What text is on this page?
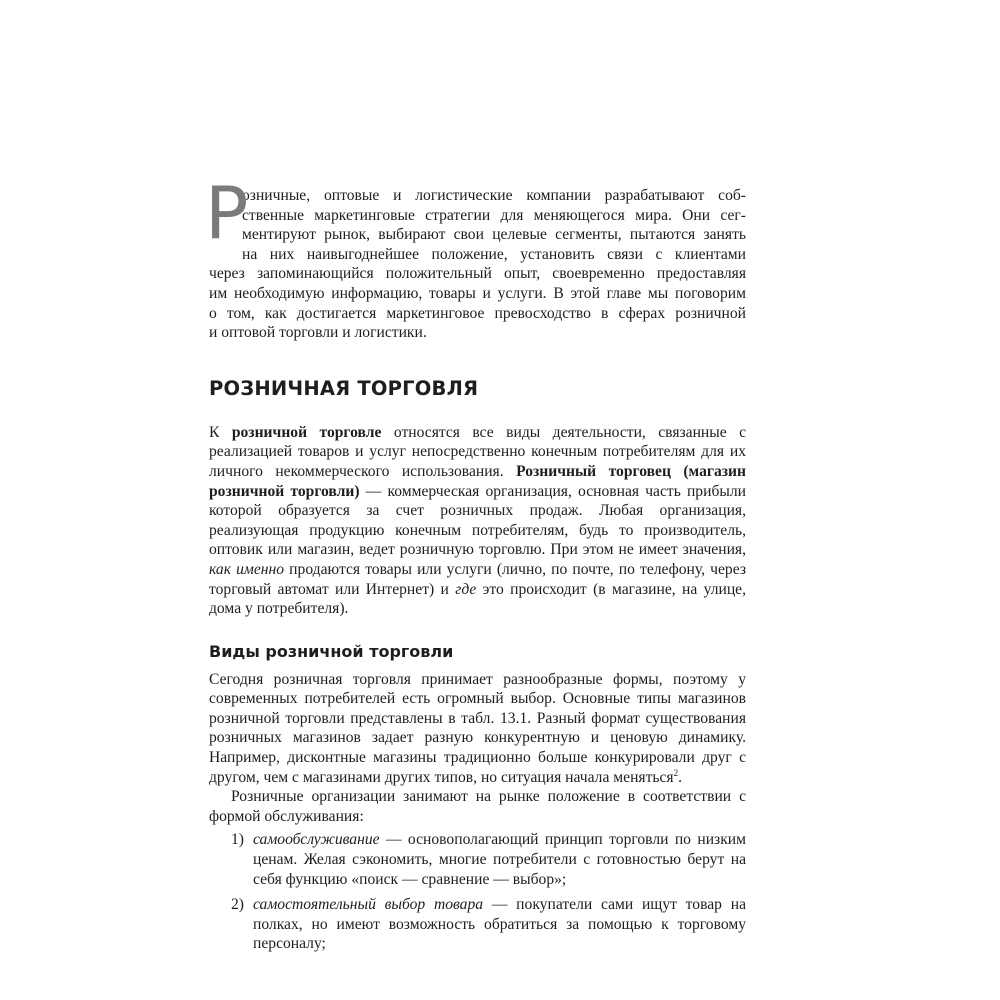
Р

озничные, оптовые и логистические компании разрабатывают соб-
ственные маркетинговые стратегии для меняющегося мира. Они сег-
ментируют рынок, выбирают свои целевые сегменты, пытаются занять
на них наивыгоднейшее положение, установить связи с клиентами
через запоминающийся положительный опыт, своевременно предоставляя
им необходимую информацию, товары и услуги. В этой главе мы поговорим
о том, как достигается маркетинговое превосходство в сферах розничной
и оптовой торговли и логистики.

РОЗНИЧНАЯ ТОРГОВЛЯ

К розничной торговле относятся все виды деятельности, связанные с реализацией товаров и услуг непосредственно конечным потребителям для их личного некоммерческого использования. Розничный торговец (магазин розничной торговли) — коммерческая организация, основная часть прибыли которой образуется за счет розничных продаж. Любая организация, реализующая продукцию конечным потребителям, будь то производитель, оптовик или магазин, ведет розничную торговлю. При этом не имеет значения, как именно продаются товары или услуги (лично, по почте, по телефону, через торговый автомат или Интернет) и где это происходит (в магазине, на улице, дома у потребителя).

Виды розничной торговли

Сегодня розничная торговля принимает разнообразные формы, поэтому у современных потребителей есть огромный выбор. Основные типы магазинов розничной торговли представлены в табл. 13.1. Разный формат существования розничных магазинов задает разную конкурентную и ценовую динамику. Например, дисконтные магазины традиционно больше конкурировали друг с другом, чем с магазинами других типов, но ситуация начала меняться$^2$.

Розничные организации занимают на рынке положение в соответствии с формой обслуживания:

1) самообслуживание — основополагающий принцип торговли по низким ценам. Желая сэкономить, многие потребители с готовностью берут на себя функцию «поиск — сравнение — выбор»;
2) самостоятельный выбор товара — покупатели сами ищут товар на полках, но имеют возможность обратиться за помощью к торговому персоналу;
